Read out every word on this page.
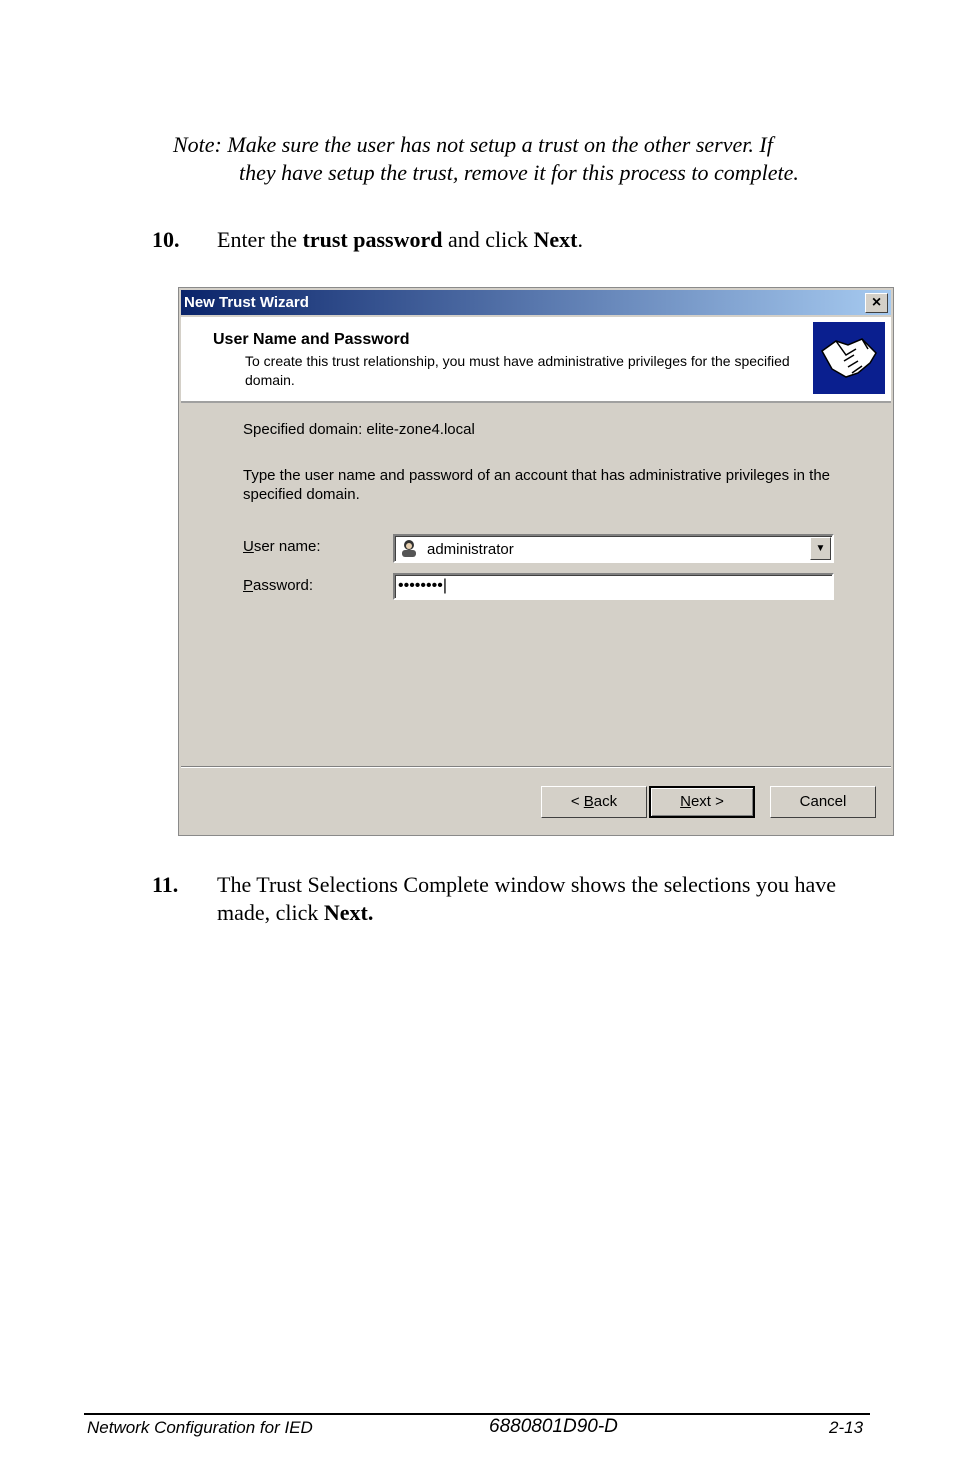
Note: Make sure the user has not setup a trust on the other server. If
they have setup the trust, remove it for this process to complete.
10. Enter the trust password and click Next.
New Trust Wizard	×
User Name and Password
To create this trust relationship, you must have administrative privileges for the specified domain.
Specified domain: elite-zone4.local
Type the user name and password of an account that has administrative privileges in the specified domain.
User name:	administrator	▼
Password:	••••••••|
< Back	Next >	Cancel
11. The Trust Selections Complete window shows the selections you have made, click Next.
Network Configuration for IED	6880801D90-D	2-13
